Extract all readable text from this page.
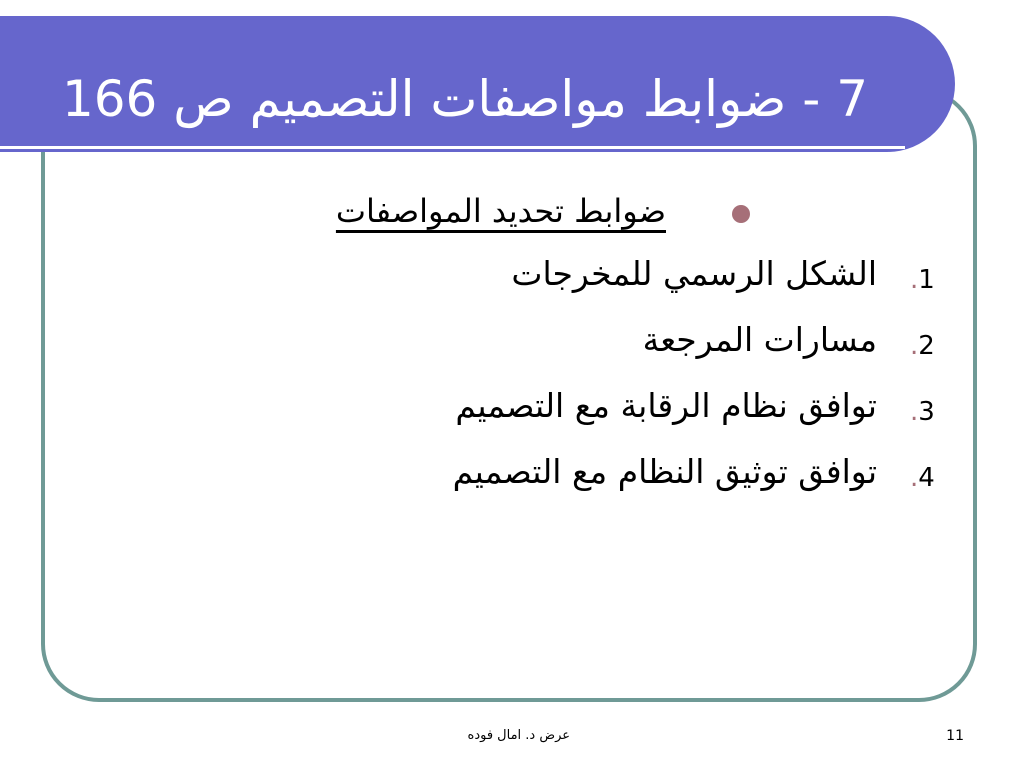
7 - ضوابط مواصفات التصميم ص 166
ضوابط تحديد المواصفات
.1
الشكل الرسمي للمخرجات
.2
مسارات المرجعة
.3
توافق نظام الرقابة مع التصميم
.4
توافق توثيق النظام مع التصميم
عرض د. امال فوده	11
